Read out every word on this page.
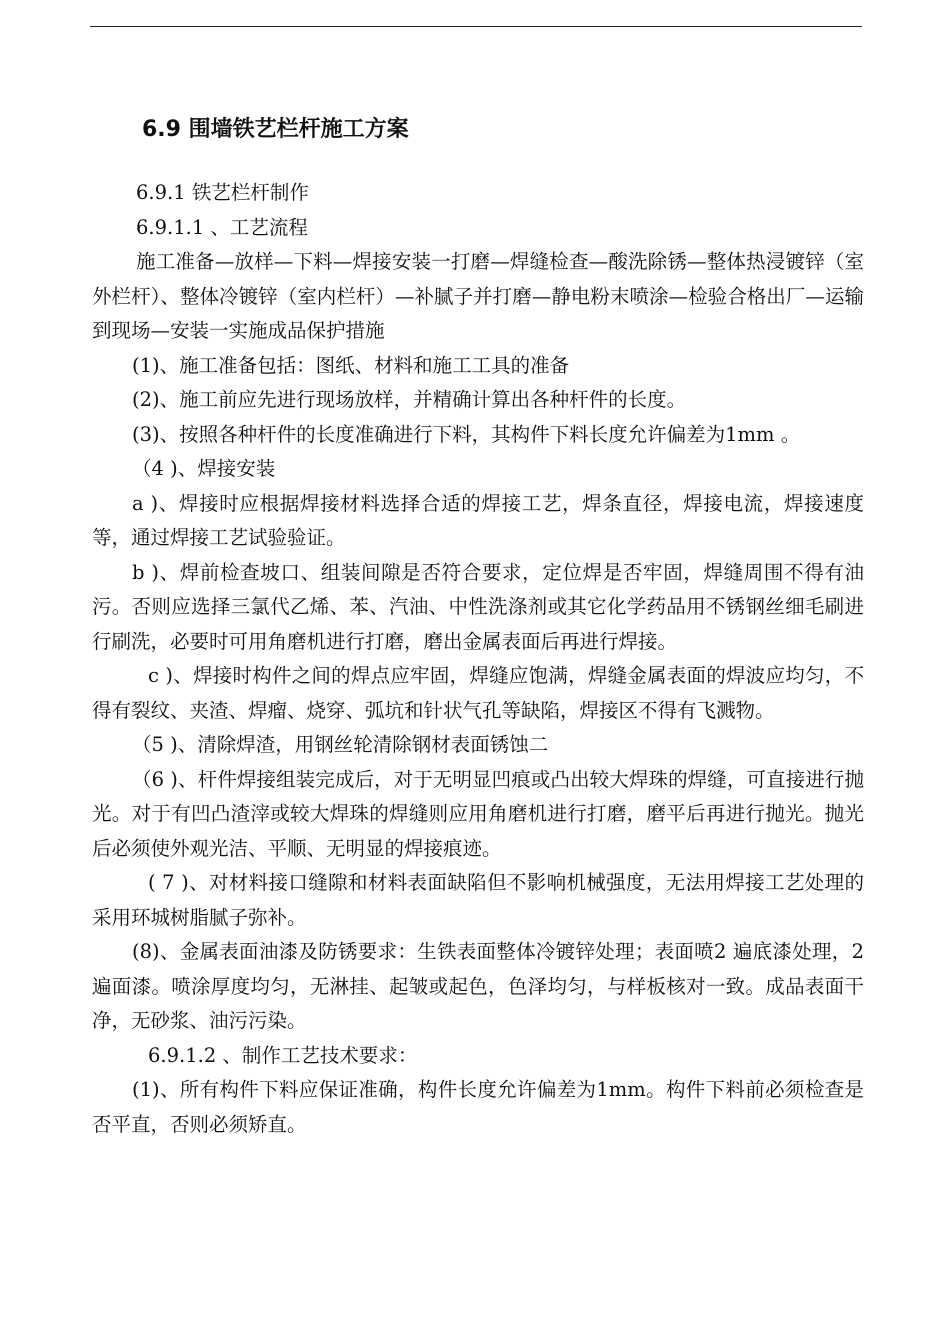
6.9 围墙铁艺栏杆施工方案

6.9.1 铁艺栏杆制作

6.9.1.1 、工艺流程

施工准备—放样—下料—焊接安装一打磨—焊缝检查—酸洗除锈—整体热浸镀锌（室外栏杆）、整体冷镀锌（室内栏杆）—补腻子并打磨—静电粉末喷涂—检验合格出厂—运输到现场—安装一实施成品保护措施

(1)、施工准备包括：图纸、材料和施工工具的准备

(2)、施工前应先进行现场放样，并精确计算出各种杆件的长度。

(3)、按照各种杆件的长度准确进行下料，其构件下料长度允许偏差为1mm 。

（4 )、焊接安装

a )、焊接时应根据焊接材料选择合适的焊接工艺，焊条直径，焊接电流，焊接速度等，通过焊接工艺试验验证。

b )、焊前检查坡口、组装间隙是否符合要求，定位焊是否牢固，焊缝周围不得有油污。否则应选择三氯代乙烯、苯、汽油、中性洗涤剂或其它化学药品用不锈钢丝细毛刷进行刷洗，必要时可用角磨机进行打磨，磨出金属表面后再进行焊接。

c )、焊接时构件之间的焊点应牢固，焊缝应饱满，焊缝金属表面的焊波应均匀，不得有裂纹、夹渣、焊瘤、烧穿、弧坑和针状气孔等缺陷，焊接区不得有飞溅物。

（5 )、清除焊渣，用钢丝轮清除钢材表面锈蚀二

（6 )、杆件焊接组装完成后，对于无明显凹痕或凸出较大焊珠的焊缝，可直接进行抛光。对于有凹凸渣滓或较大焊珠的焊缝则应用角磨机进行打磨，磨平后再进行抛光。抛光后必须使外观光洁、平顺、无明显的焊接痕迹。

( 7 )、对材料接口缝隙和材料表面缺陷但不影响机械强度，无法用焊接工艺处理的采用环城树脂腻子弥补。

(8)、金属表面油漆及防锈要求：生铁表面整体冷镀锌处理；表面喷2 遍底漆处理，2 遍面漆。喷涂厚度均匀，无淋挂、起皱或起色，色泽均匀，与样板核对一致。成品表面干净，无砂浆、油污污染。

6.9.1.2 、制作工艺技术要求：

(1)、所有构件下料应保证准确，构件长度允许偏差为1mm。构件下料前必须检查是否平直，否则必须矫直。
